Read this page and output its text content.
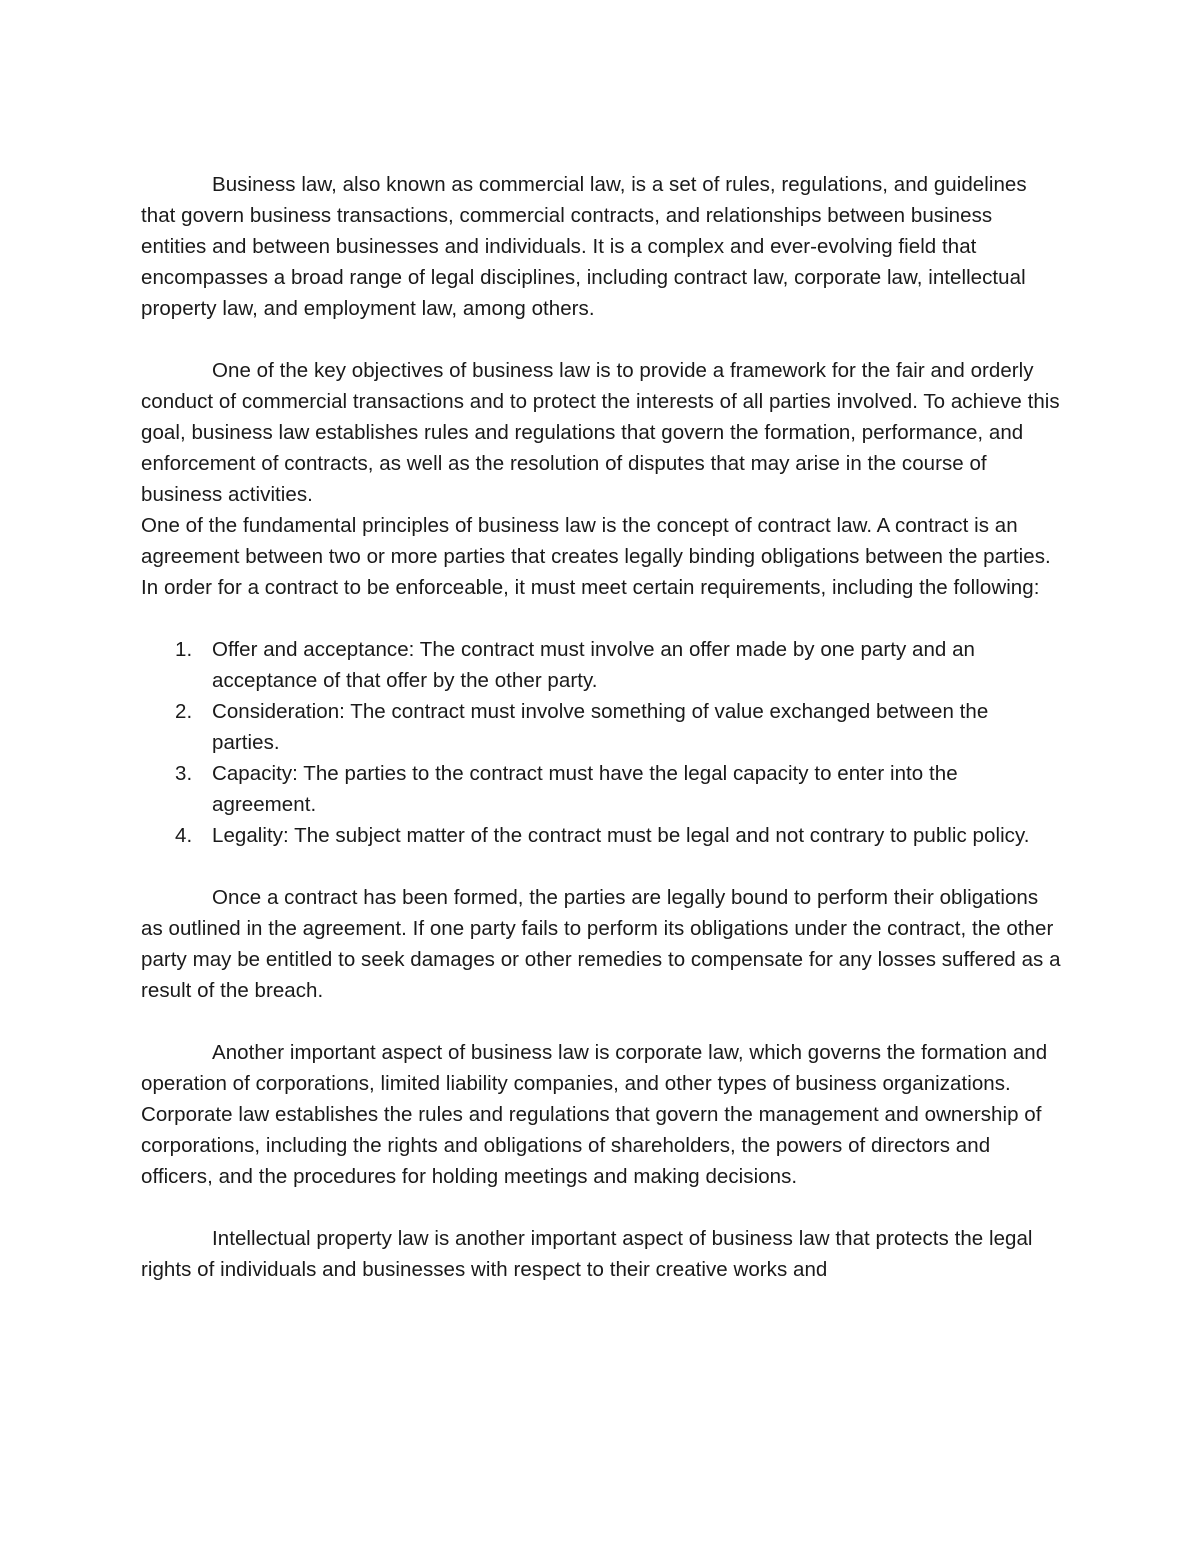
Business law, also known as commercial law, is a set of rules, regulations, and guidelines that govern business transactions, commercial contracts, and relationships between business entities and between businesses and individuals. It is a complex and ever-evolving field that encompasses a broad range of legal disciplines, including contract law, corporate law, intellectual property law, and employment law, among others.

One of the key objectives of business law is to provide a framework for the fair and orderly conduct of commercial transactions and to protect the interests of all parties involved. To achieve this goal, business law establishes rules and regulations that govern the formation, performance, and enforcement of contracts, as well as the resolution of disputes that may arise in the course of business activities.

One of the fundamental principles of business law is the concept of contract law. A contract is an agreement between two or more parties that creates legally binding obligations between the parties. In order for a contract to be enforceable, it must meet certain requirements, including the following:

1. Offer and acceptance: The contract must involve an offer made by one party and an acceptance of that offer by the other party.
2. Consideration: The contract must involve something of value exchanged between the parties.
3. Capacity: The parties to the contract must have the legal capacity to enter into the agreement.
4. Legality: The subject matter of the contract must be legal and not contrary to public policy.

Once a contract has been formed, the parties are legally bound to perform their obligations as outlined in the agreement. If one party fails to perform its obligations under the contract, the other party may be entitled to seek damages or other remedies to compensate for any losses suffered as a result of the breach.

Another important aspect of business law is corporate law, which governs the formation and operation of corporations, limited liability companies, and other types of business organizations. Corporate law establishes the rules and regulations that govern the management and ownership of corporations, including the rights and obligations of shareholders, the powers of directors and officers, and the procedures for holding meetings and making decisions.

Intellectual property law is another important aspect of business law that protects the legal rights of individuals and businesses with respect to their creative works and
